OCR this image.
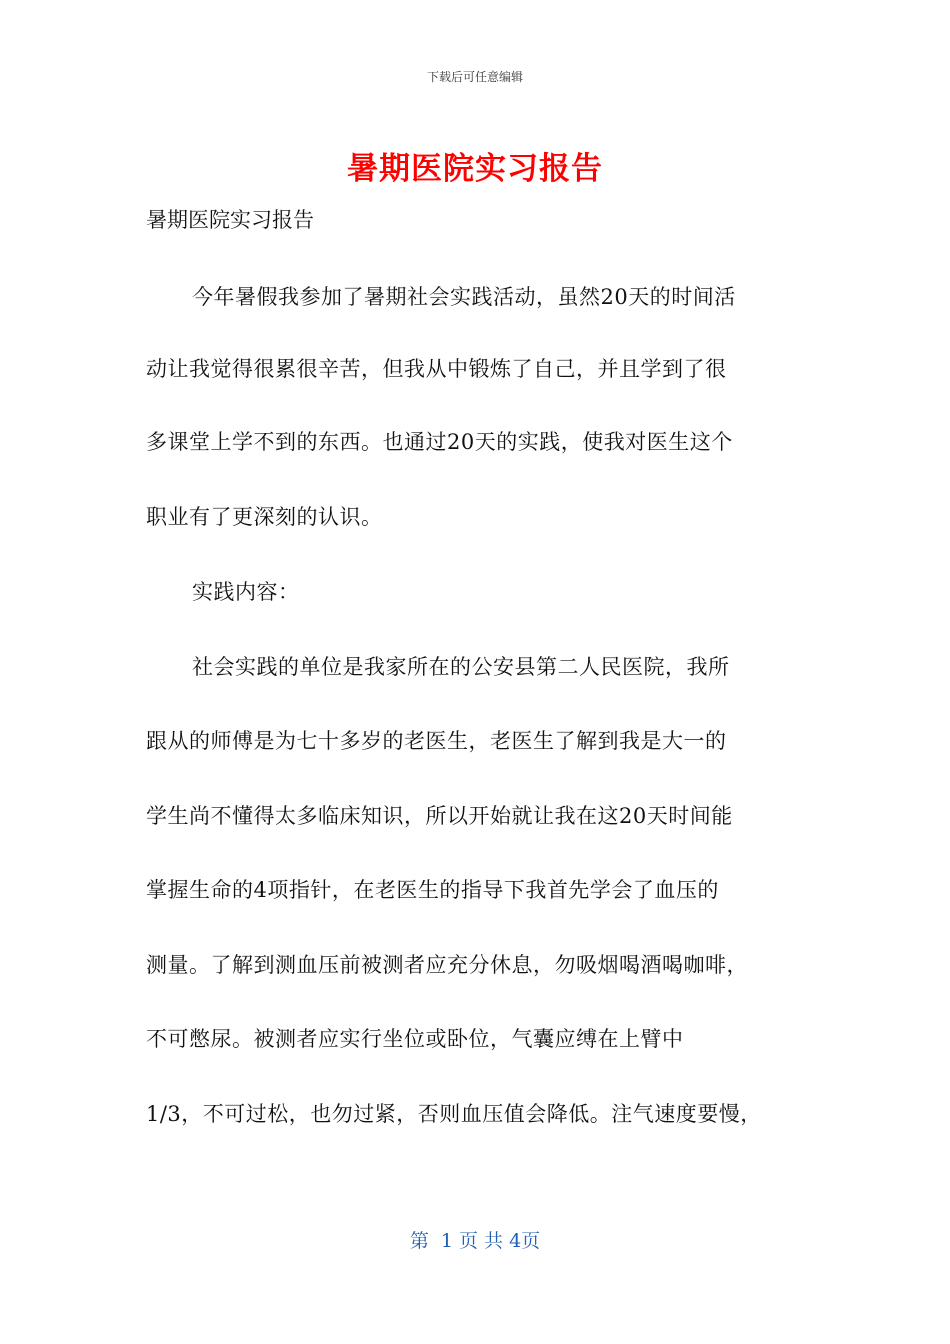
下载后可任意编辑
暑期医院实习报告
暑期医院实习报告
今年暑假我参加了暑期社会实践活动，虽然20天的时间活
动让我觉得很累很辛苦，但我从中锻炼了自己，并且学到了很
多课堂上学不到的东西。也通过20天的实践，使我对医生这个
职业有了更深刻的认识。
实践内容：
社会实践的单位是我家所在的公安县第二人民医院，我所
跟从的师傅是为七十多岁的老医生，老医生了解到我是大一的
学生尚不懂得太多临床知识，所以开始就让我在这20天时间能
掌握生命的4项指针，在老医生的指导下我首先学会了血压的
测量。了解到测血压前被测者应充分休息，勿吸烟喝酒喝咖啡，
不可憋尿。被测者应实行坐位或卧位，气囊应缚在上臂中
1/3，不可过松，也勿过紧，否则血压值会降低。注气速度要慢，
第  1 页 共 4页
